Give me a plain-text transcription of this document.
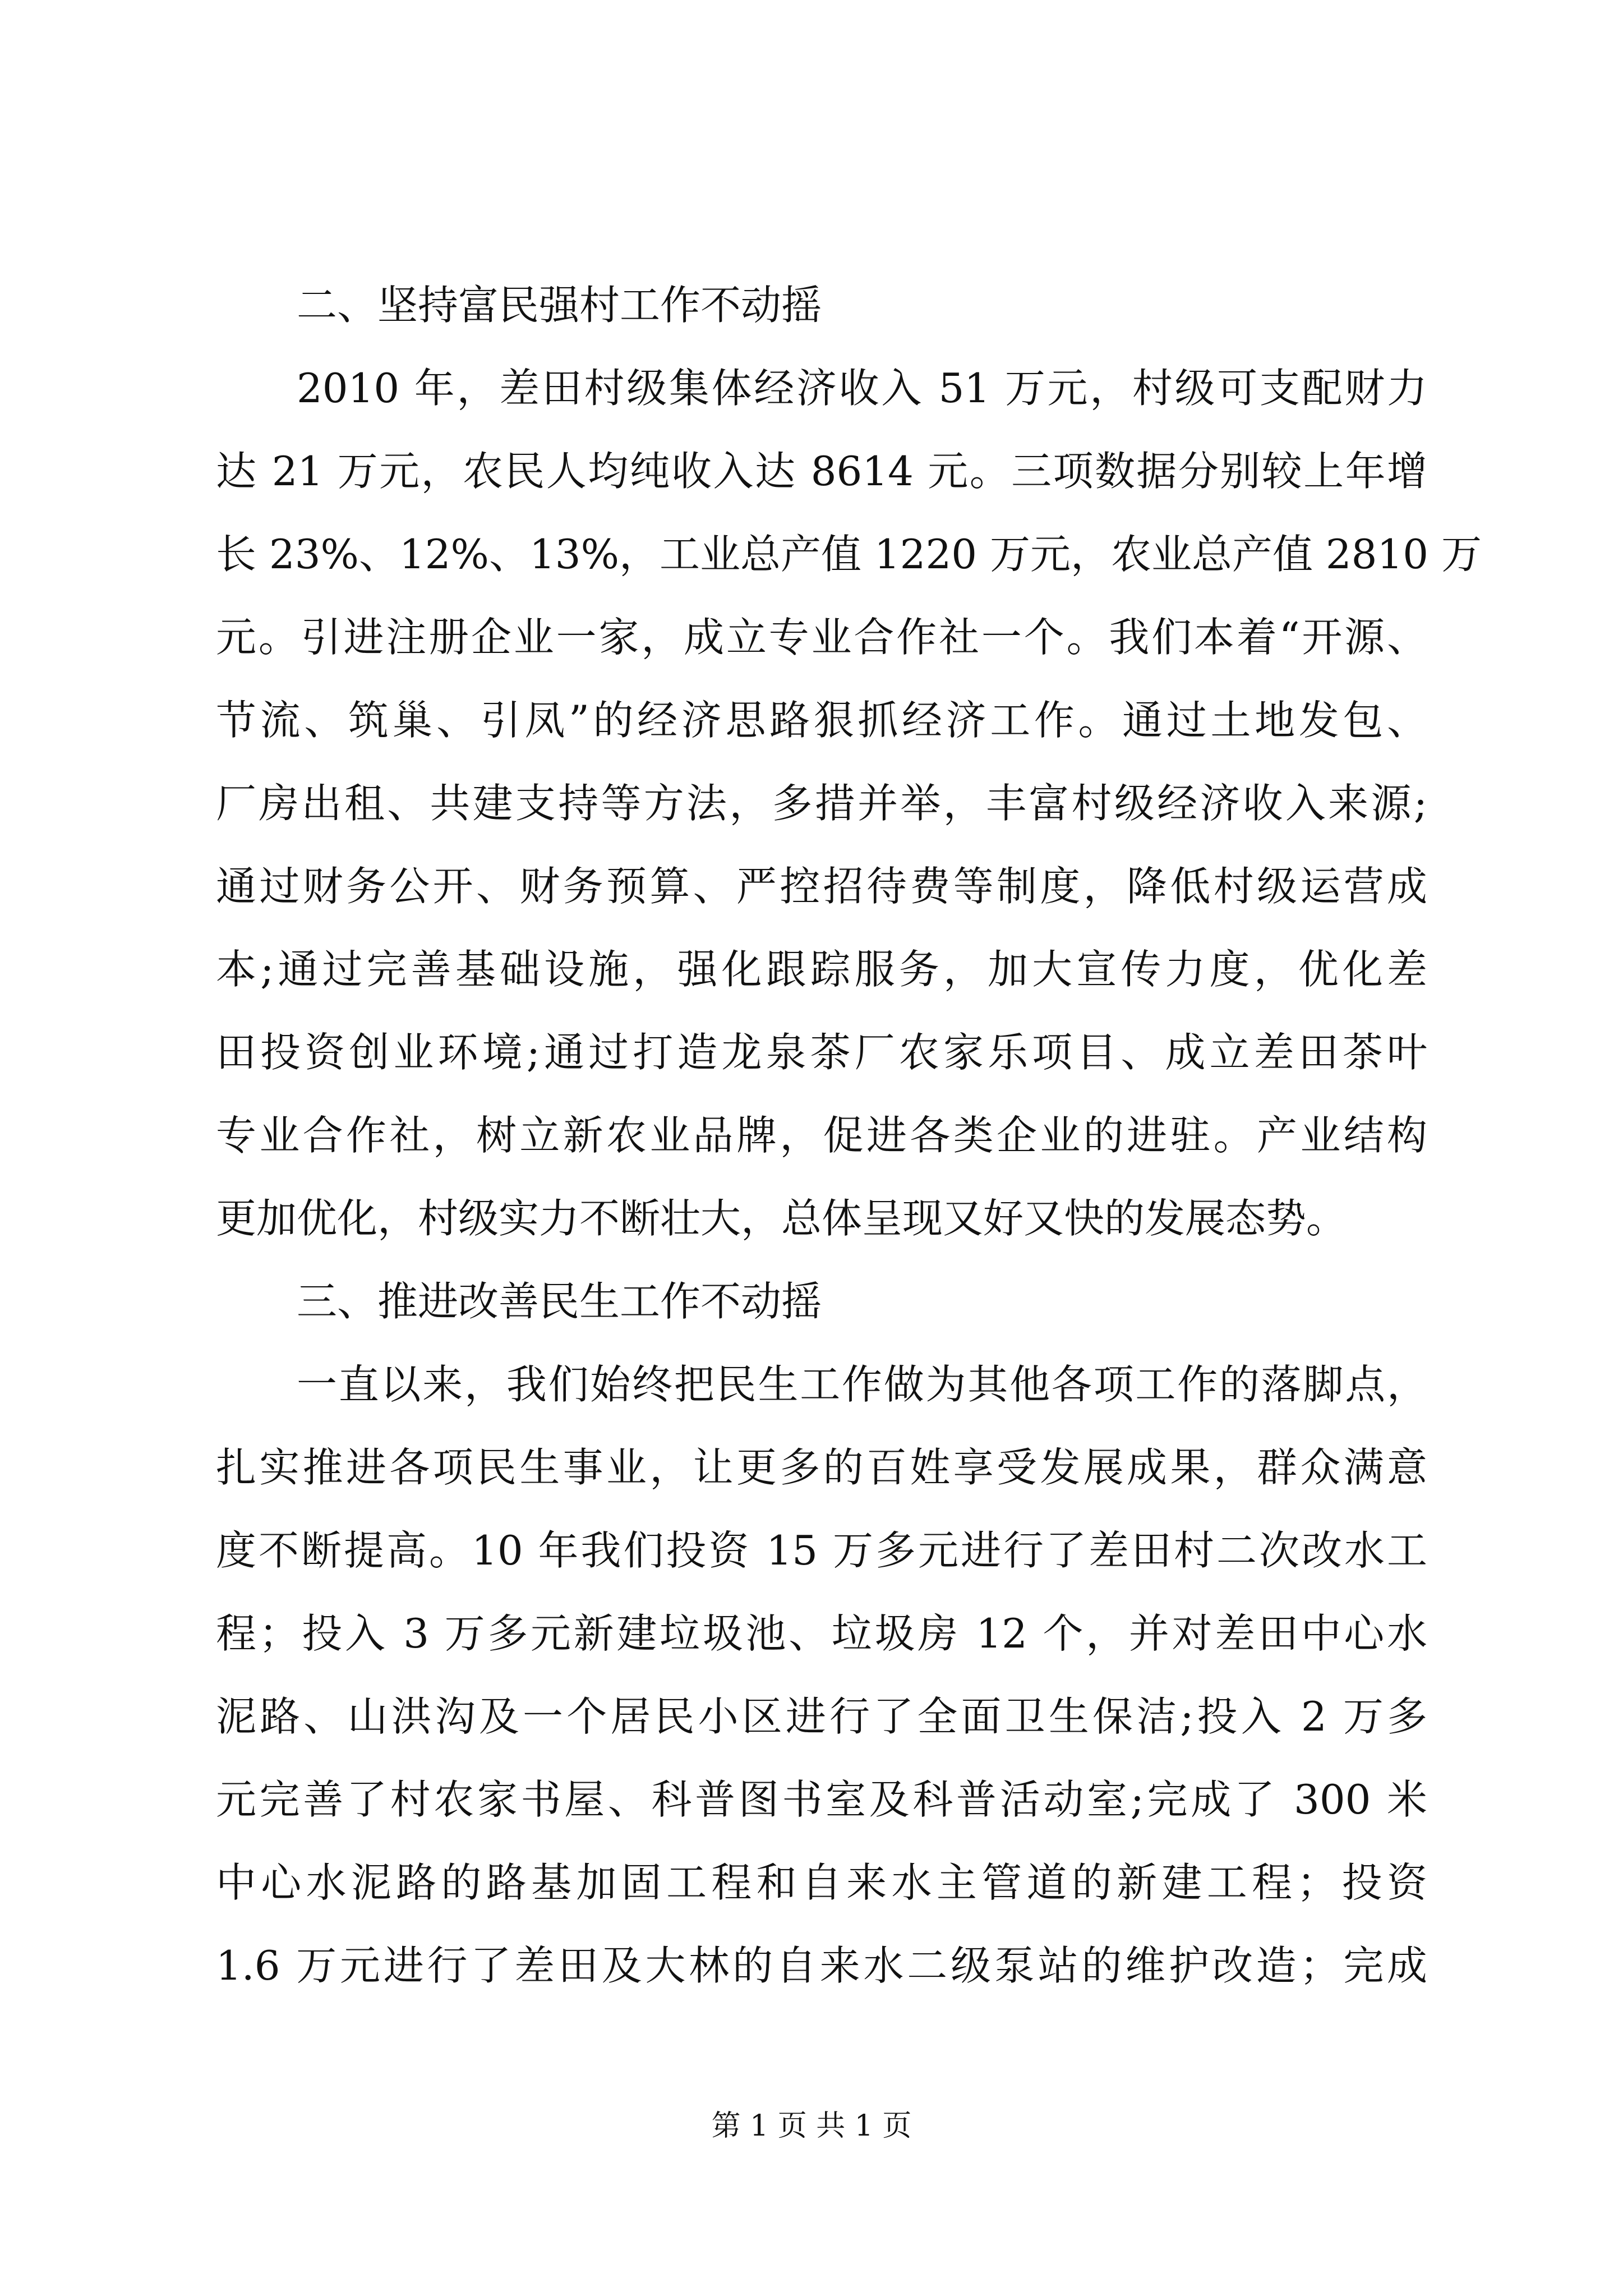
二、坚持富民强村工作不动摇

2010 年，差田村级集体经济收入 51 万元，村级可支配财力
达 21 万元，农民人均纯收入达 8614 元。三项数据分别较上年增
长 23%、12%、13%，工业总产值 1220 万元，农业总产值 2810 万
元。引进注册企业一家，成立专业合作社一个。我们本着“开源、
节流、筑巢、引凤”的经济思路狠抓经济工作。通过土地发包、
厂房出租、共建支持等方法，多措并举，丰富村级经济收入来源;
通过财务公开、财务预算、严控招待费等制度，降低村级运营成
本;通过完善基础设施，强化跟踪服务，加大宣传力度，优化差
田投资创业环境;通过打造龙泉茶厂农家乐项目、成立差田茶叶
专业合作社，树立新农业品牌，促进各类企业的进驻。产业结构
更加优化，村级实力不断壮大，总体呈现又好又快的发展态势。

三、推进改善民生工作不动摇

一直以来，我们始终把民生工作做为其他各项工作的落脚点，
扎实推进各项民生事业，让更多的百姓享受发展成果，群众满意
度不断提高。10 年我们投资 15 万多元进行了差田村二次改水工
程；投入 3 万多元新建垃圾池、垃圾房 12 个，并对差田中心水
泥路、山洪沟及一个居民小区进行了全面卫生保洁;投入 2 万多
元完善了村农家书屋、科普图书室及科普活动室;完成了 300 米
中心水泥路的路基加固工程和自来水主管道的新建工程；投资
1.6 万元进行了差田及大林的自来水二级泵站的维护改造；完成

第 1 页 共 1 页
